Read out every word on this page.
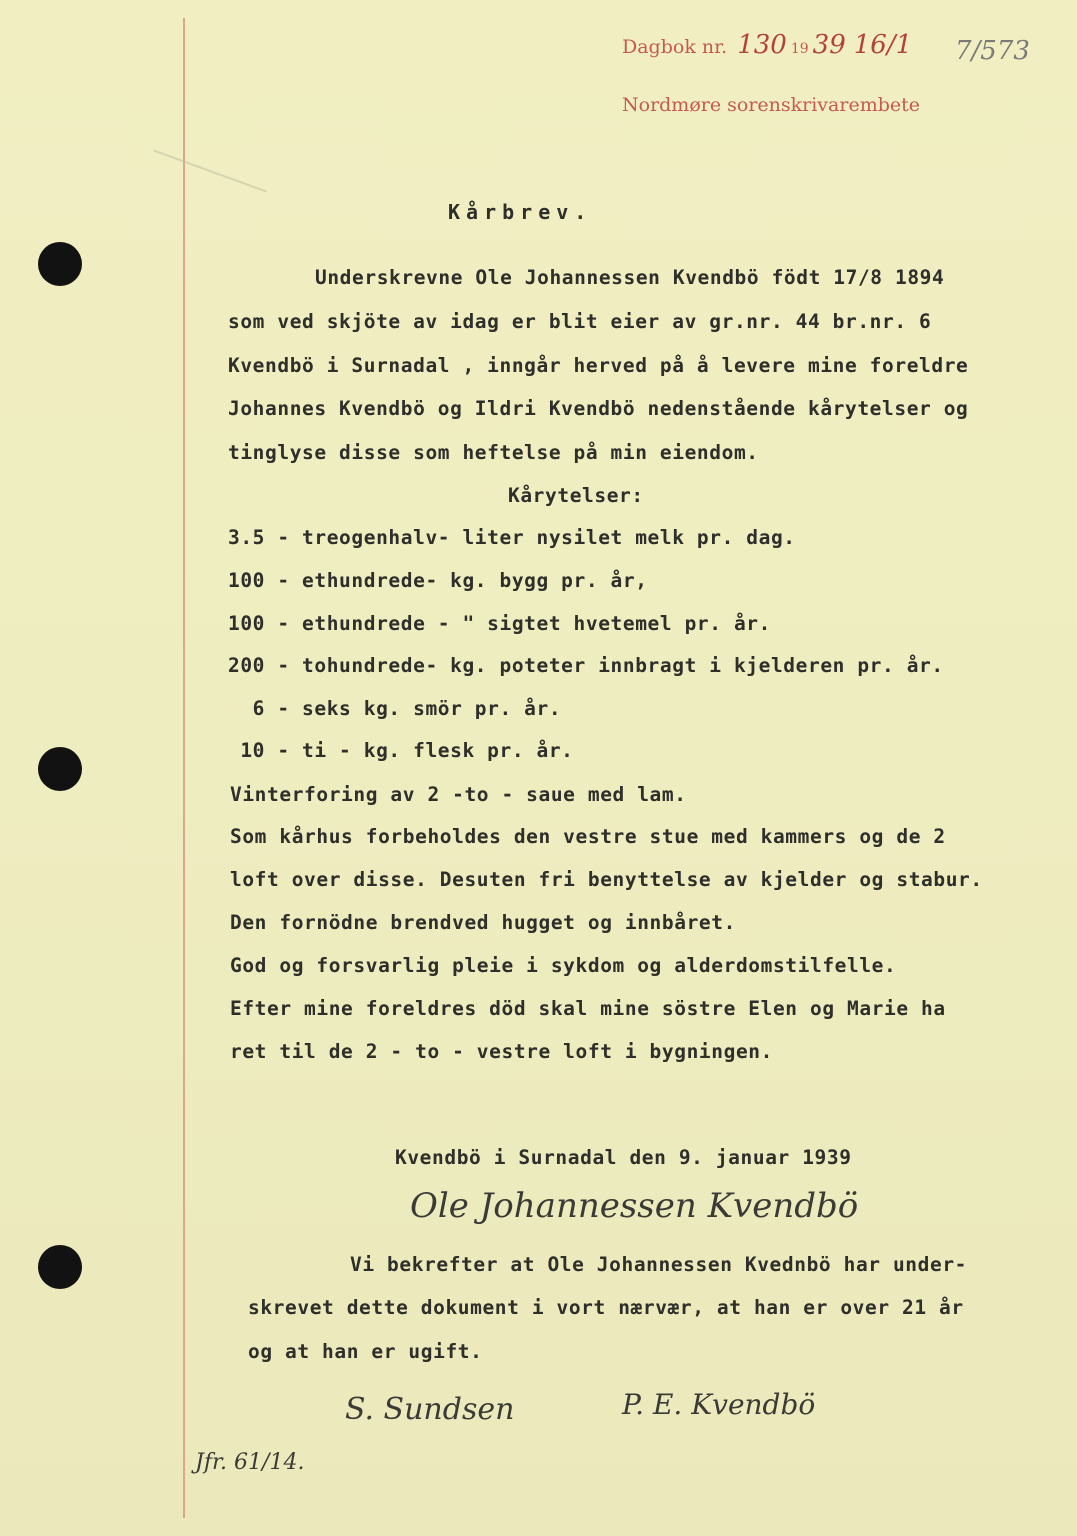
Dagbok nr. 130 19 39 16/1
Nordmøre sorenskrivarembete
7/573
Kårbrev.
Underskrevne Ole Johannessen Kvendbö födt 17/8 1894
som ved skjöte av idag er blit eier av gr.nr. 44 br.nr. 6
Kvendbö i Surnadal , inngår herved på å levere mine foreldre
Johannes Kvendbö og Ildri Kvendbö nedenstående kårytelser og
tinglyse disse som heftelse på min eiendom.
Kårytelser:
3.5 - treogenhalv- liter nysilet melk pr. dag.
100 - ethundrede- kg. bygg pr. år,
100 - ethundrede - " sigtet hvetemel pr. år.
200 - tohundrede- kg. poteter innbragt i kjelderen pr. år.
6 - seks kg. smör pr. år.
10 - ti - kg. flesk pr. år.
Vinterforing av 2 -to - saue med lam.
Som kårhus forbeholdes den vestre stue med kammers og de 2
loft over disse. Desuten fri benyttelse av kjelder og stabur.
Den fornödne brendved hugget og innbåret.
God og forsvarlig pleie i sykdom og alderdomstilfelle.
Efter mine foreldres död skal mine söstre Elen og Marie ha
ret til de 2 - to - vestre loft i bygningen.
Kvendbö i Surnadal den 9. januar 1939
Ole Johannessen Kvendbö
Vi bekrefter at Ole Johannessen Kvednbö har under-
skrevet dette dokument i vort nærvær, at han er over 21 år
og at han er ugift.
S. Sundsen	P. E. Kvendbö
Jfr. 61/14.
